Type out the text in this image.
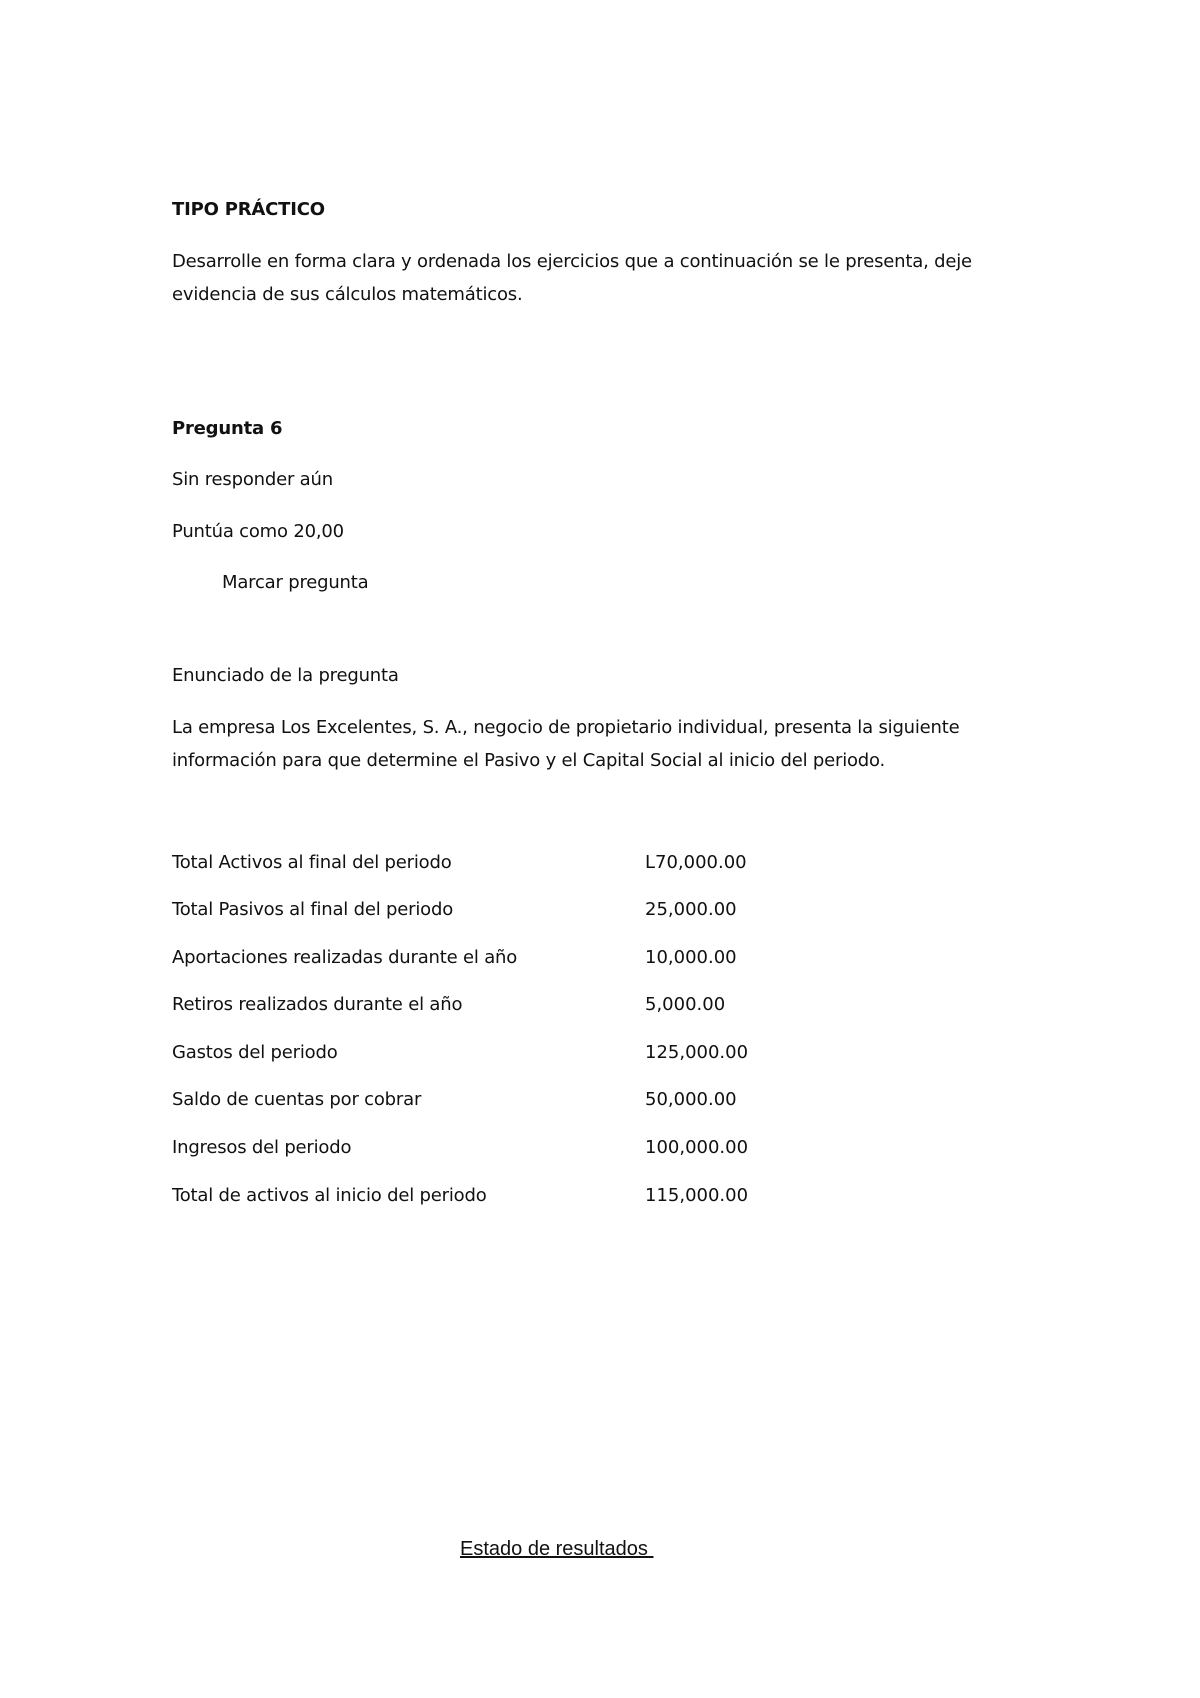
TIPO PRÁCTICO
Desarrolle en forma clara y ordenada los ejercicios que a continuación se le presenta, deje
evidencia de sus cálculos matemáticos.
Pregunta 6
Sin responder aún
Puntúa como 20,00
Marcar pregunta
Enunciado de la pregunta
La empresa Los Excelentes, S. A., negocio de propietario individual, presenta la siguiente
información para que determine el Pasivo y el Capital Social al inicio del periodo.
Total Activos al final del periodo	L70,000.00
Total Pasivos al final del periodo	25,000.00
Aportaciones realizadas durante el año	10,000.00
Retiros realizados durante el año	5,000.00
Gastos del periodo	125,000.00
Saldo de cuentas por cobrar	50,000.00
Ingresos del periodo	100,000.00
Total de activos al inicio del periodo	115,000.00
Estado de resultados
